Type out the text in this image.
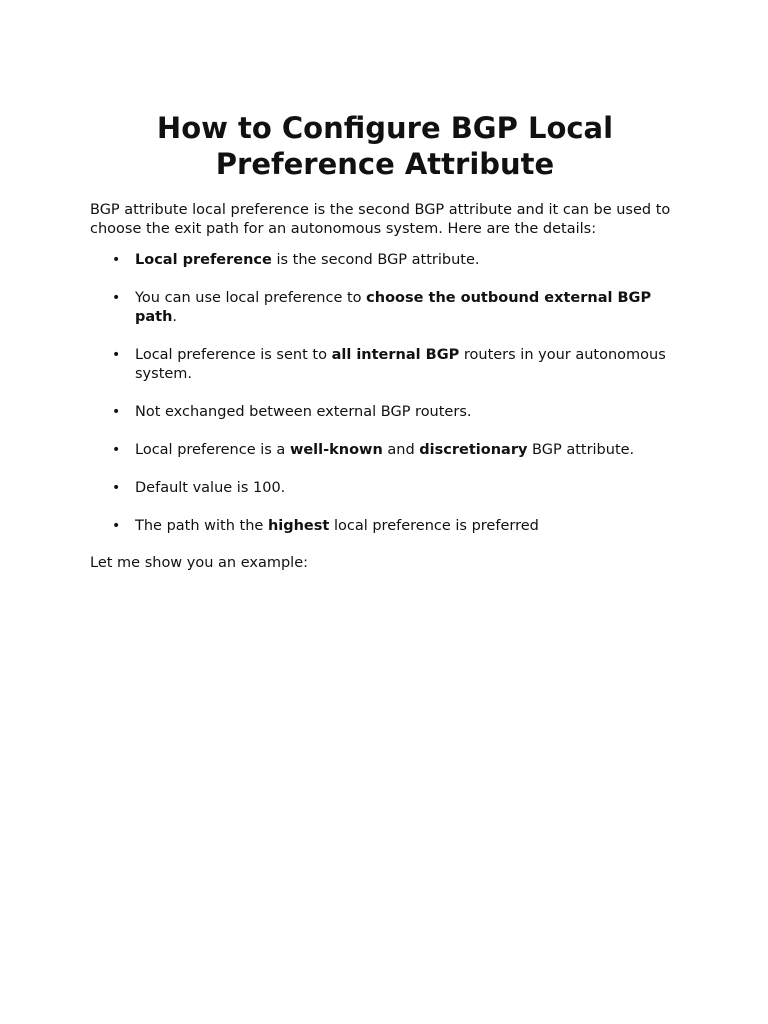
How to Configure BGP Local
Preference Attribute

BGP attribute local preference is the second BGP attribute and it can be used to choose the exit path for an autonomous system. Here are the details:

• Local preference is the second BGP attribute.
• You can use local preference to choose the outbound external BGP path.
• Local preference is sent to all internal BGP routers in your autonomous system.
• Not exchanged between external BGP routers.
• Local preference is a well-known and discretionary BGP attribute.
• Default value is 100.
• The path with the highest local preference is preferred

Let me show you an example:
